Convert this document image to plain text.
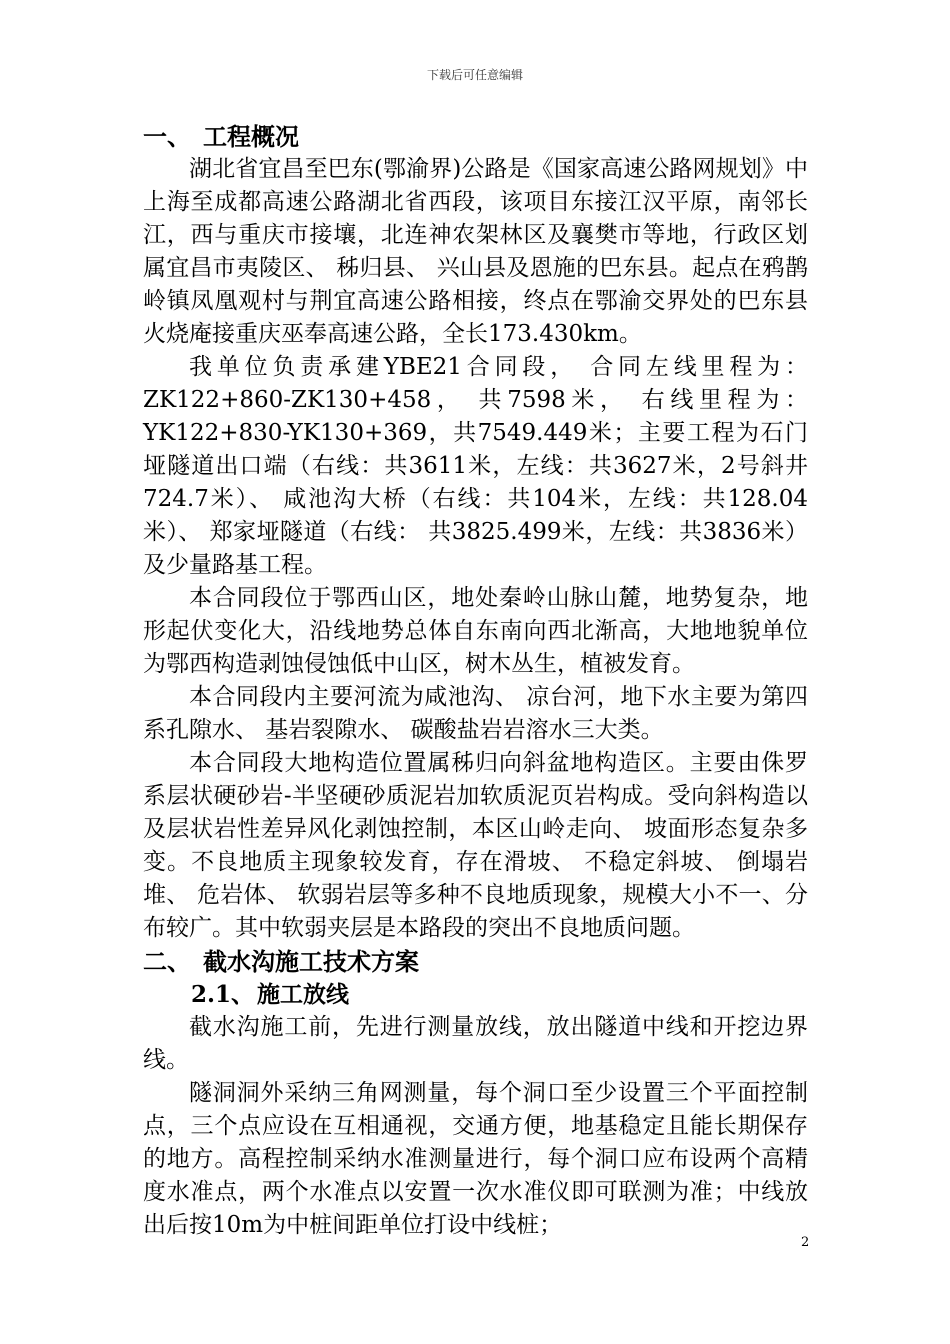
下载后可任意编辑
一、 工程概况

湖北省宜昌至巴东(鄂渝界)公路是《国家高速公路网规划》中上海至成都高速公路湖北省西段，该项目东接江汉平原，南邻长江，西与重庆市接壤，北连神农架林区及襄樊市等地，行政区划属宜昌市夷陵区、 秭归县、 兴山县及恩施的巴东县。起点在鸦鹊岭镇凤凰观村与荆宜高速公路相接，终点在鄂渝交界处的巴东县火烧庵接重庆巫奉高速公路，全长173.430km。

我单位负责承建YBE21合同段， 合同左线里程为：ZK122+860-ZK130+458， 共7598米， 右线里程为：YK122+830-YK130+369，共7549.449米；主要工程为石门垭隧道出口端（右线：共3611米，左线：共3627米，2号斜井724.7米）、 咸池沟大桥（右线：共104米，左线：共128.04米）、 郑家垭隧道（右线： 共3825.499米，左线：共3836米）及少量路基工程。

本合同段位于鄂西山区，地处秦岭山脉山麓，地势复杂，地形起伏变化大，沿线地势总体自东南向西北渐高，大地地貌单位为鄂西构造剥蚀侵蚀低中山区，树木丛生，植被发育。

本合同段内主要河流为咸池沟、 凉台河，地下水主要为第四系孔隙水、 基岩裂隙水、 碳酸盐岩岩溶水三大类。

本合同段大地构造位置属秭归向斜盆地构造区。主要由侏罗系层状硬砂岩-半坚硬砂质泥岩加软质泥页岩构成。受向斜构造以及层状岩性差异风化剥蚀控制，本区山岭走向、 坡面形态复杂多变。不良地质主现象较发育，存在滑坡、 不稳定斜坡、 倒塌岩堆、 危岩体、 软弱岩层等多种不良地质现象，规模大小不一、分布较广。其中软弱夹层是本路段的突出不良地质问题。

二、 截水沟施工技术方案
2.1、 施工放线

截水沟施工前，先进行测量放线，放出隧道中线和开挖边界线。

隧洞洞外采纳三角网测量，每个洞口至少设置三个平面控制点，三个点应设在互相通视，交通方便，地基稳定且能长期保存的地方。高程控制采纳水准测量进行，每个洞口应布设两个高精度水准点，两个水准点以安置一次水准仪即可联测为准；中线放出后按10m为中桩间距单位打设中线桩；

2
